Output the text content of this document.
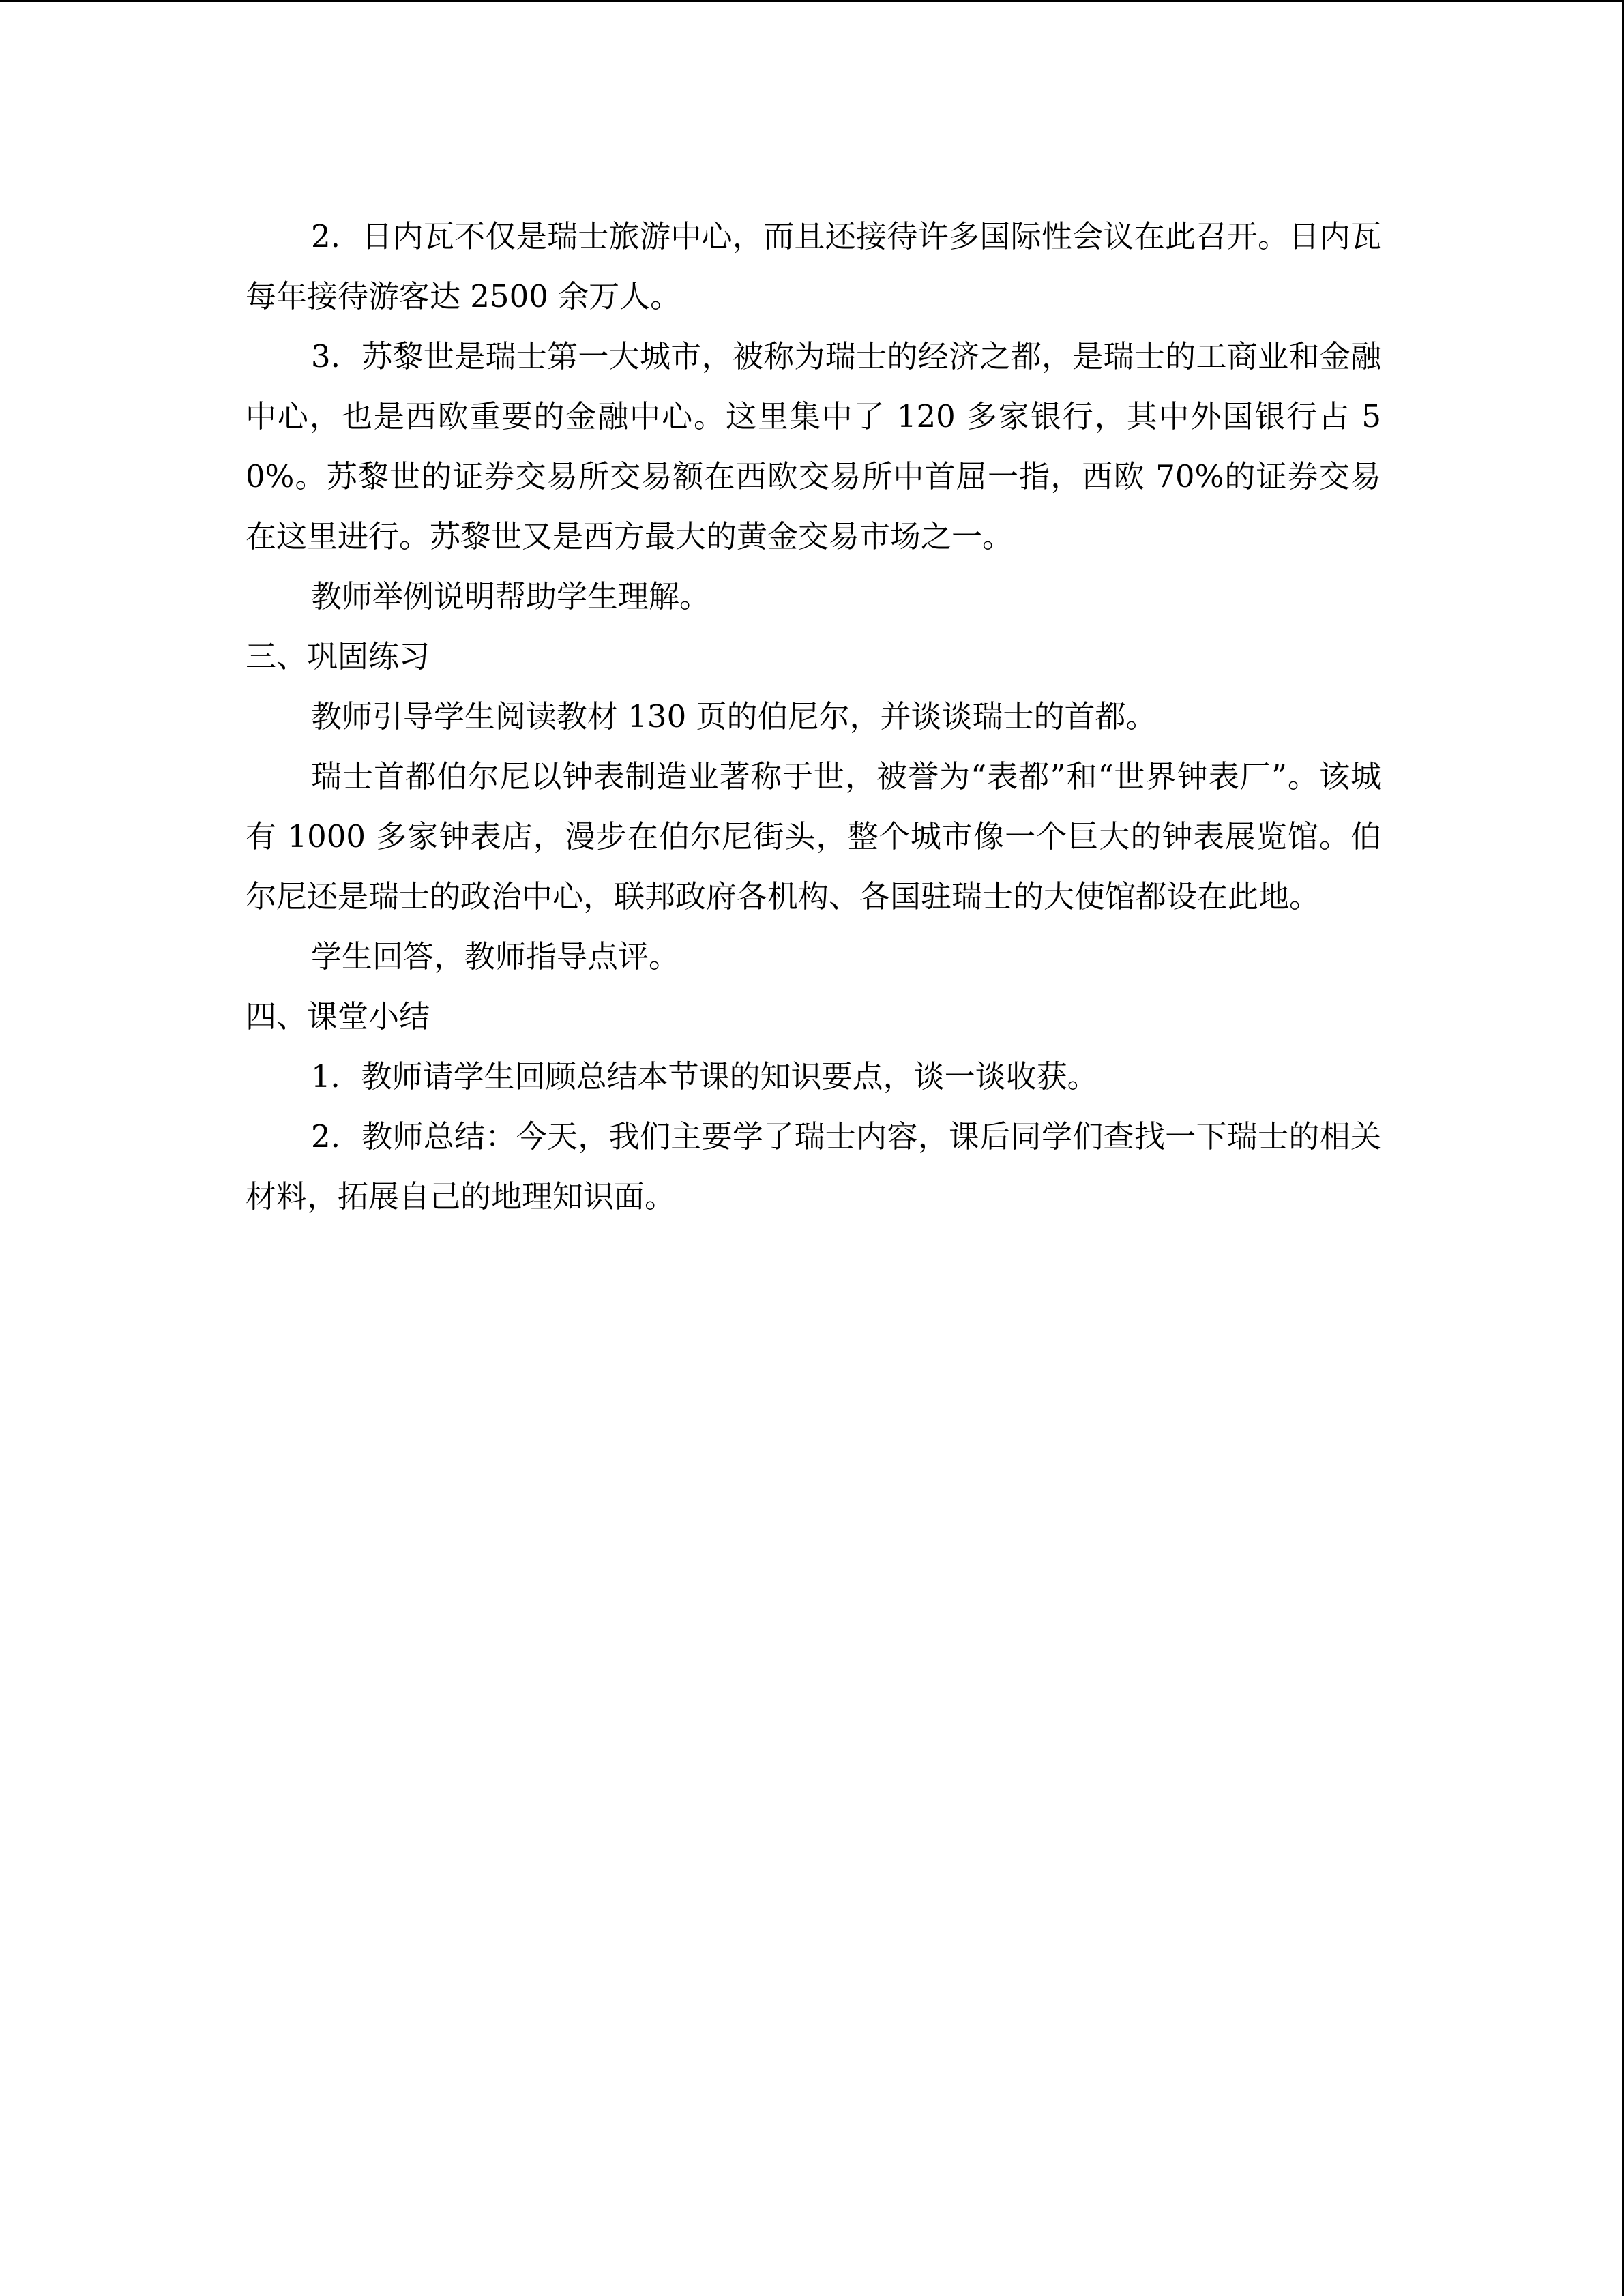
2．日内瓦不仅是瑞士旅游中心，而且还接待许多国际性会议在此召开。日内瓦每年接待游客达 2500 余万人。

3．苏黎世是瑞士第一大城市，被称为瑞士的经济之都，是瑞士的工商业和金融中心，也是西欧重要的金融中心。这里集中了 120 多家银行，其中外国银行占 50%。苏黎世的证券交易所交易额在西欧交易所中首屈一指，西欧 70%的证券交易在这里进行。苏黎世又是西方最大的黄金交易市场之一。

教师举例说明帮助学生理解。

三、巩固练习

教师引导学生阅读教材 130 页的伯尼尔，并谈谈瑞士的首都。

瑞士首都伯尔尼以钟表制造业著称于世，被誉为“表都”和“世界钟表厂”。该城有 1000 多家钟表店，漫步在伯尔尼街头，整个城市像一个巨大的钟表展览馆。伯尔尼还是瑞士的政治中心，联邦政府各机构、各国驻瑞士的大使馆都设在此地。

学生回答，教师指导点评。

四、课堂小结

1．教师请学生回顾总结本节课的知识要点，谈一谈收获。

2．教师总结：今天，我们主要学了瑞士内容，课后同学们查找一下瑞士的相关材料，拓展自己的地理知识面。
